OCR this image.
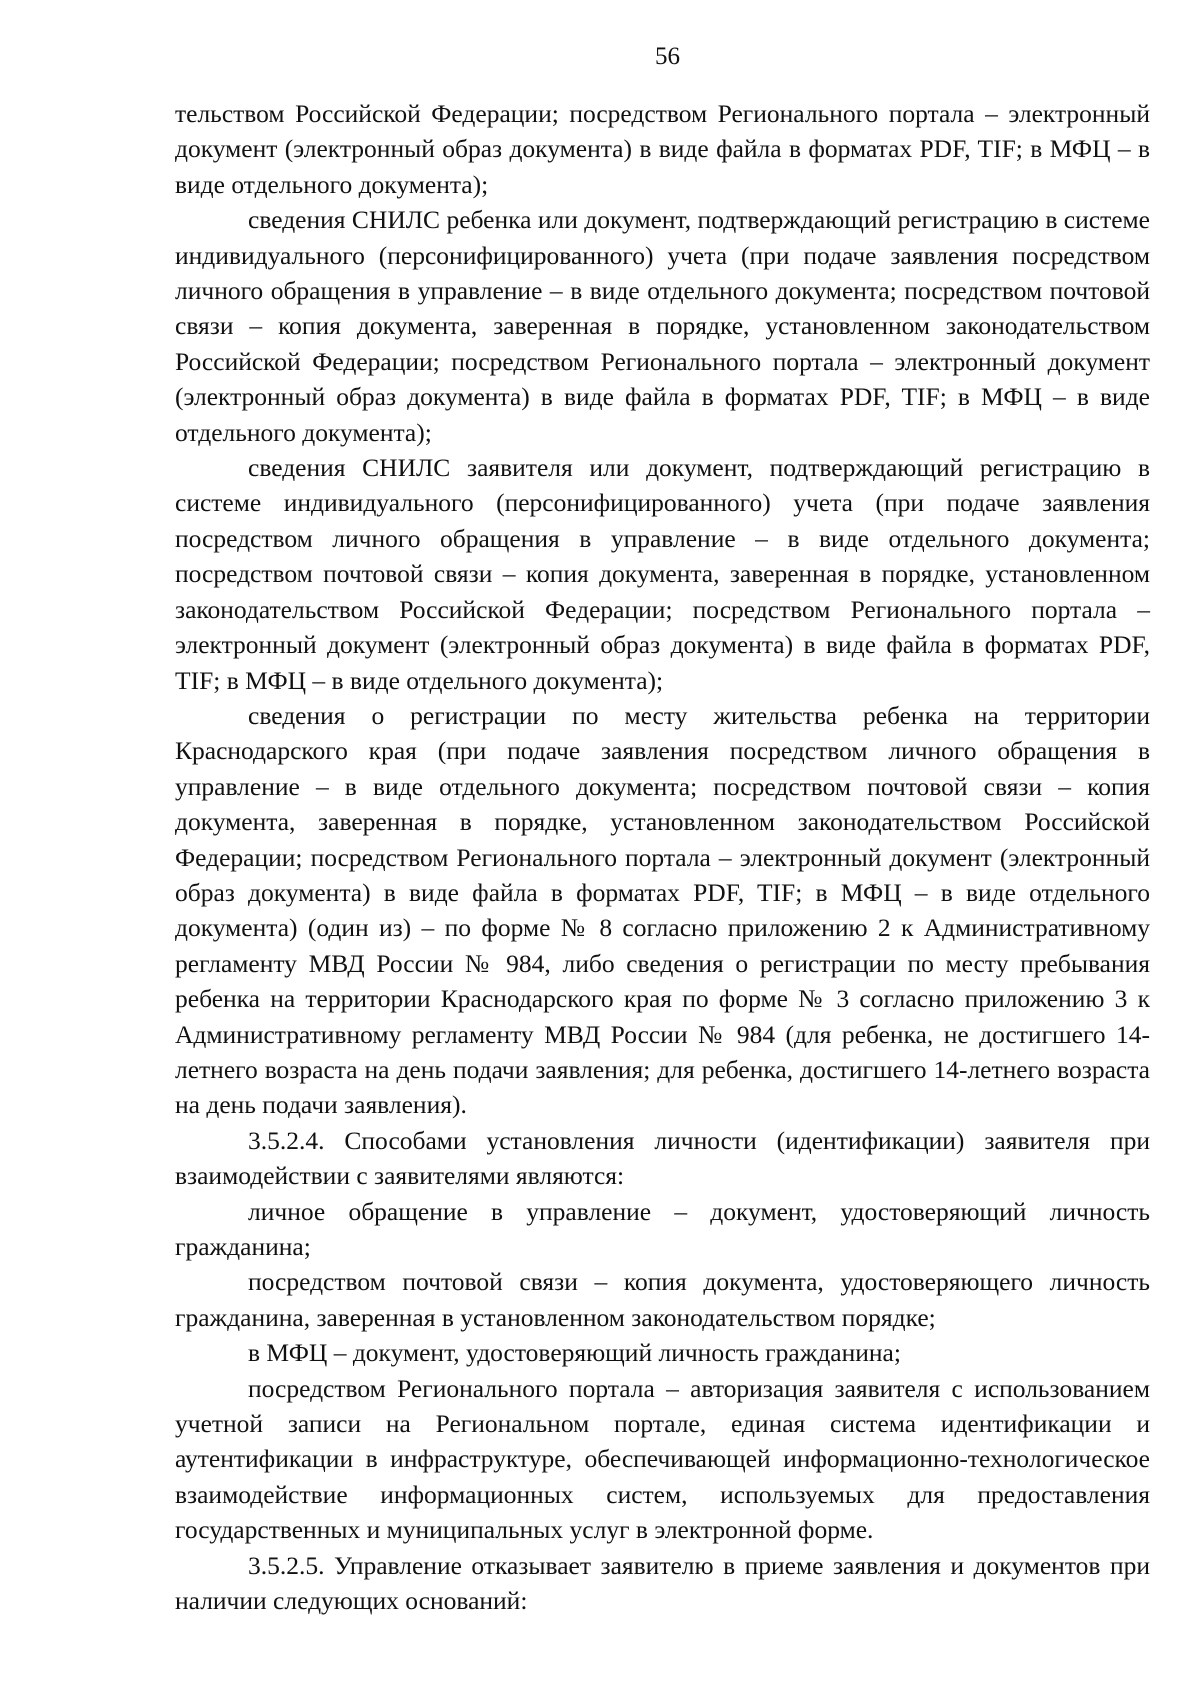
56

тельством Российской Федерации; посредством Регионального портала – электронный документ (электронный образ документа) в виде файла в форматах PDF, TIF; в МФЦ – в виде отдельного документа);

сведения СНИЛС ребенка или документ, подтверждающий регистрацию в системе индивидуального (персонифицированного) учета (при подаче заявления посредством личного обращения в управление – в виде отдельного документа; посредством почтовой связи – копия документа, заверенная в порядке, установленном законодательством Российской Федерации; посредством Регионального портала – электронный документ (электронный образ документа) в виде файла в форматах PDF, TIF; в МФЦ – в виде отдельного документа);

сведения СНИЛС заявителя или документ, подтверждающий регистрацию в системе индивидуального (персонифицированного) учета (при подаче заявления посредством личного обращения в управление – в виде отдельного документа; посредством почтовой связи – копия документа, заверенная в порядке, установленном законодательством Российской Федерации; посредством Регионального портала – электронный документ (электронный образ документа) в виде файла в форматах PDF, TIF; в МФЦ – в виде отдельного документа);

сведения о регистрации по месту жительства ребенка на территории Краснодарского края (при подаче заявления посредством личного обращения в управление – в виде отдельного документа; посредством почтовой связи – копия документа, заверенная в порядке, установленном законодательством Российской Федерации; посредством Регионального портала – электронный документ (электронный образ документа) в виде файла в форматах PDF, TIF; в МФЦ – в виде отдельного документа) (один из) – по форме № 8 согласно приложению 2 к Административному регламенту МВД России № 984, либо сведения о регистрации по месту пребывания ребенка на территории Краснодарского края по форме № 3 согласно приложению 3 к Административному регламенту МВД России № 984 (для ребенка, не достигшего 14-летнего возраста на день подачи заявления; для ребенка, достигшего 14-летнего возраста на день подачи заявления).

3.5.2.4. Способами установления личности (идентификации) заявителя при взаимодействии с заявителями являются:

личное обращение в управление – документ, удостоверяющий личность гражданина;

посредством почтовой связи – копия документа, удостоверяющего личность гражданина, заверенная в установленном законодательством порядке;

в МФЦ – документ, удостоверяющий личность гражданина;

посредством Регионального портала – авторизация заявителя с использованием учетной записи на Региональном портале, единая система идентификации и аутентификации в инфраструктуре, обеспечивающей информационно-технологическое взаимодействие информационных систем, используемых для предоставления государственных и муниципальных услуг в электронной форме.

3.5.2.5. Управление отказывает заявителю в приеме заявления и документов при наличии следующих оснований:
